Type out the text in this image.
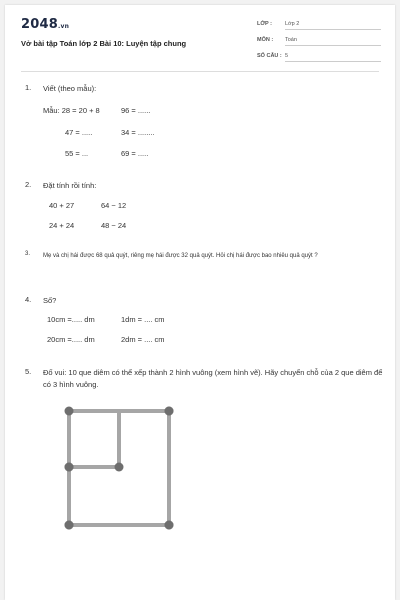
2048.vn
Vở bài tập Toán lớp 2 Bài 10: Luyện tập chung
LỚP : Lớp 2
MÔN : Toán
SỐ CÂU : 5
1. Viết (theo mẫu):
Mẫu: 28 = 20 + 8	96 = ......
47 = .....	34 = ........
55 = ...	69 = .....
2. Đặt tính rồi tính:
40 + 27	64 − 12
24 + 24	48 − 24
3. Mẹ và chị hái được 68 quả quýt, riêng mẹ hái được 32 quả quýt. Hỏi chị hái được bao nhiêu quả quýt ?
4. Số?
10cm =..... dm	1dm = .... cm
20cm =..... dm	2dm = .... cm
5. Đố vui: 10 que diêm có thể xếp thành 2 hình vuông (xem hình vẽ). Hãy chuyển chỗ của 2 que diêm để có 3 hình vuông.
